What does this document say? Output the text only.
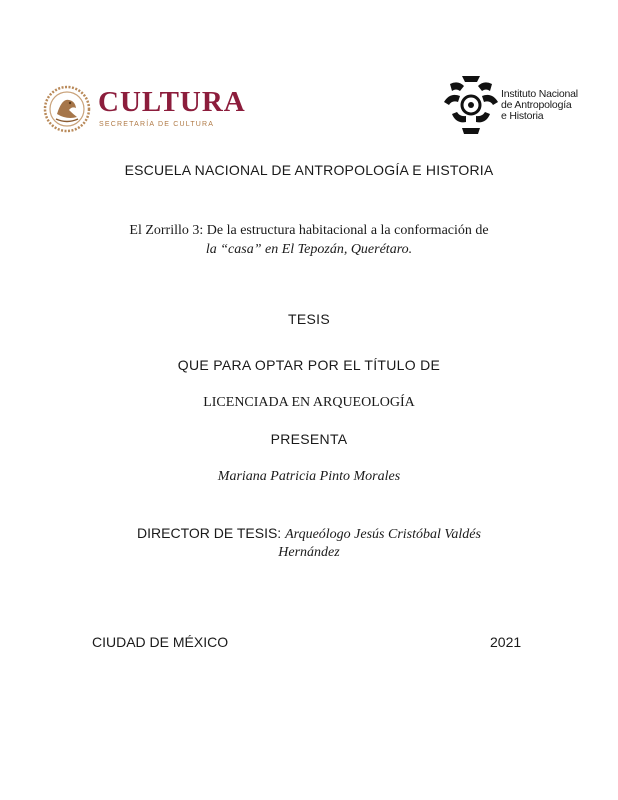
CULTURA
SECRETARÍA DE CULTURA
Instituto Nacional
de Antropología
e Historia
ESCUELA NACIONAL DE ANTROPOLOGÍA E HISTORIA
El Zorrillo 3: De la estructura habitacional a la conformación de
la “casa” en El Tepozán, Querétaro.
TESIS
QUE PARA OPTAR POR EL TÍTULO DE
LICENCIADA EN ARQUEOLOGÍA
PRESENTA
Mariana Patricia Pinto Morales
DIRECTOR DE TESIS: Arqueólogo Jesús Cristóbal Valdés
Hernández
CIUDAD DE MÉXICO	2021
